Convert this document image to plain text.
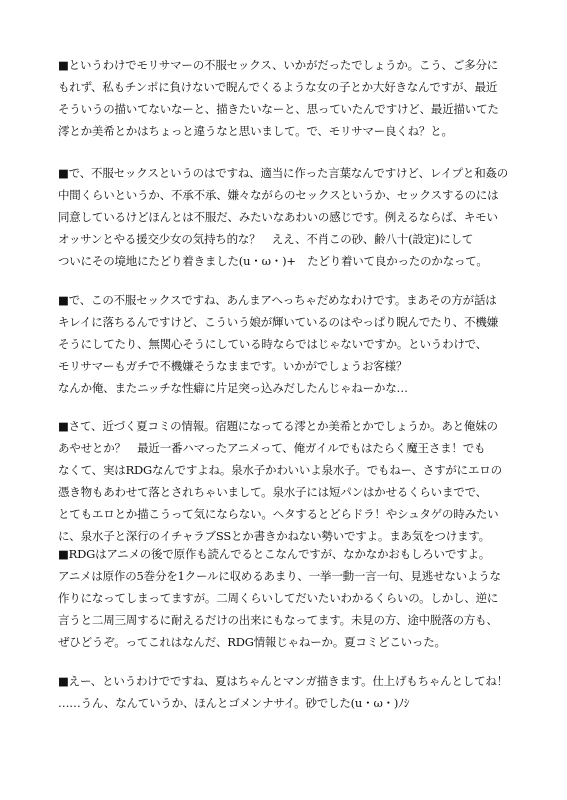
■というわけでモリサマーの不服セックス、いかがだったでしょうか。こう、ご多分に
もれず、私もチンポに負けないで睨んでくるような女の子とか大好きなんですが、最近
そういうの描いてないなーと、描きたいなーと、思っていたんですけど、最近描いてた
澪とか美希とかはちょっと違うなと思いまして。で、モリサマー良くね？と。
■で、不服セックスというのはですね、適当に作った言葉なんですけど、レイプと和姦の
中間くらいというか、不承不承、嫌々ながらのセックスというか、セックスするのには
同意しているけどほんとは不服だ、みたいなあわいの感じです。例えるならば、キモい
オッサンとやる援交少女の気持ち的な？　ええ、不肖この砂、齢八十(設定)にして
ついにその境地にたどり着きました(u・ω・)+　たどり着いて良かったのかなって。
■で、この不服セックスですね、あんまアへっちゃだめなわけです。まあその方が話は
キレイに落ちるんですけど、こういう娘が輝いているのはやっぱり睨んでたり、不機嫌
そうにしてたり、無関心そうにしている時ならではじゃないですか。というわけで、
モリサマーもガチで不機嫌そうなままです。いかがでしょうお客様？
なんか俺、またニッチな性癖に片足突っ込みだしたんじゃねーかな…
■さて、近づく夏コミの情報。宿題になってる澪とか美希とかでしょうか。あと俺妹の
あやせとか？　最近一番ハマったアニメって、俺ガイルでもはたらく魔王さま！でも
なくて、実はRDGなんですよね。泉水子かわいいよ泉水子。でもねー、さすがにエロの
憑き物もあわせて落とされちゃいまして。泉水子には短パンはかせるくらいまでで、
とてもエロとか描こうって気にならない。ヘタするとどらドラ！やシュタゲの時みたい
に、泉水子と深行のイチャラブSSとか書きかねない勢いですよ。まあ気をつけます。
■RDGはアニメの後で原作も読んでるとこなんですが、なかなかおもしろいですよ。
アニメは原作の5巻分を1クールに収めるあまり、一挙一動一言一句、見逃せないような
作りになってしまってますが。二周くらいしてだいたいわかるくらいの。しかし、逆に
言うと二周三周するに耐えるだけの出来にもなってます。未見の方、途中脱落の方も、
ぜひどうぞ。ってこれはなんだ、RDG情報じゃねーか。夏コミどこいった。
■えー、というわけでですね、夏はちゃんとマンガ描きます。仕上げもちゃんとしてね！
……うん、なんていうか、ほんとゴメンナサイ。砂でした(u・ω・)ﾉｼ
